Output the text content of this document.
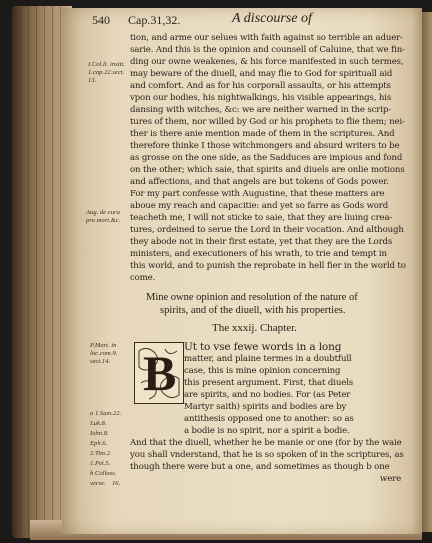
540 Cap.31,32.	A discourse of
I.Col.li. instit.
1.cap.22.sect.
13.
Aug. de cura
pro mort.&c.
P.Mart. in
loc.com.9.
sect.14.
a 1.Sam.22.
Luk.8.
Iohn.8.
Eph.6.
2.Tim.2.
1.Pet.5.
b Colloss.
verse. 16.
tion, and arme our selues with faith against so terrible an aduer-
sarie. And this is the opinion and counsell of Caluine, that we fin-
ding our owne weakenes, & his force manifested in such termes,
may beware of the diuell, and may flie to God for spirituall aid
and comfort. And as for his corporall assaults, or his attempts
vpon our bodies, his nightwalkings, his visible appearings, his
dansing with witches, &c: we are neither warned in the scrip-
tures of them, nor willed by God or his prophets to flie them; nei-
ther is there anie mention made of them in the scriptures. And
therefore thinke I those witchmongers and absurd writers to be
as grosse on the one side, as the Sadduces are impious and fond
on the other; which saie, that spirits and diuels are onlie motions
and affections, and that angels are but tokens of Gods power.
For my part confesse with Augustine, that these matters are
aboue my reach and capacitie: and yet so farre as Gods word
teacheth me, I will not sticke to saie, that they are liuing crea-
tures, ordeined to serue the Lord in their vocation. And although
they abode not in their first estate, yet that they are the Lords
ministers, and executioners of his wrath, to trie and tempt in
this world, and to punish the reprobate in hell fier in the world to
come.
Mine owne opinion and resolution of the nature of
spirits, and of the diuell, with his properties.
The xxxij. Chapter.
B Ut to vse fewe words in a long
matter, and plaine termes in a doubtfull
case, this is mine opinion concerning
this present argument. First, that diuels
are spirits, and no bodies. For (as Peter
Martyr saith) spirits and bodies are by
antithesis opposed one to another: so as
a bodie is no spirit, nor a spirit a bodie.
And that the diuell, whether he be manie or one (for by the waie
you shall vnderstand, that he is so spoken of in the scriptures, as
though there were but a one, and sometimes as though b one
were
